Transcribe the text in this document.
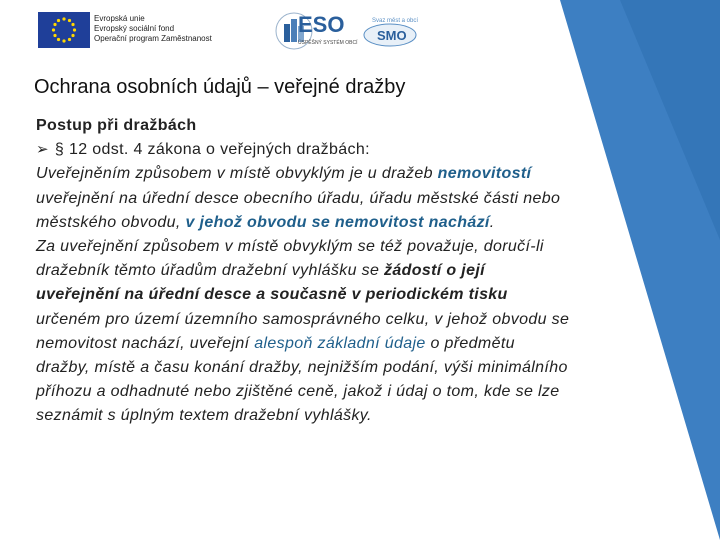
Evropská unie
Evropský sociální fond
Operační program Zaměstnanost
ESO
ÚSPĚŠNÝ SYSTÉM OBCÍ
Svaz měst a obcí
SMO
Ochrana osobních údajů – veřejné dražby

Postup při dražbách

➢ § 12 odst. 4 zákona o veřejných dražbách:

Uveřejněním způsobem v místě obvyklým je u dražeb nemovitostí uveřejnění na úřední desce obecního úřadu, úřadu městské části nebo městského obvodu, v jehož obvodu se nemovitost nachází.

Za uveřejnění způsobem v místě obvyklým se též považuje, doručí-li dražebník těmto úřadům dražební vyhlášku se žádostí o její uveřejnění na úřední desce a současně v periodickém tisku určeném pro území územního samosprávného celku, v jehož obvodu se nemovitost nachází, uveřejní alespoň základní údaje o předmětu dražby, místě a času konání dražby, nejnižším podání, výši minimálního příhozu a odhadnuté nebo zjištěné ceně, jakož i údaj o tom, kde se lze seznámit s úplným textem dražební vyhlášky.
